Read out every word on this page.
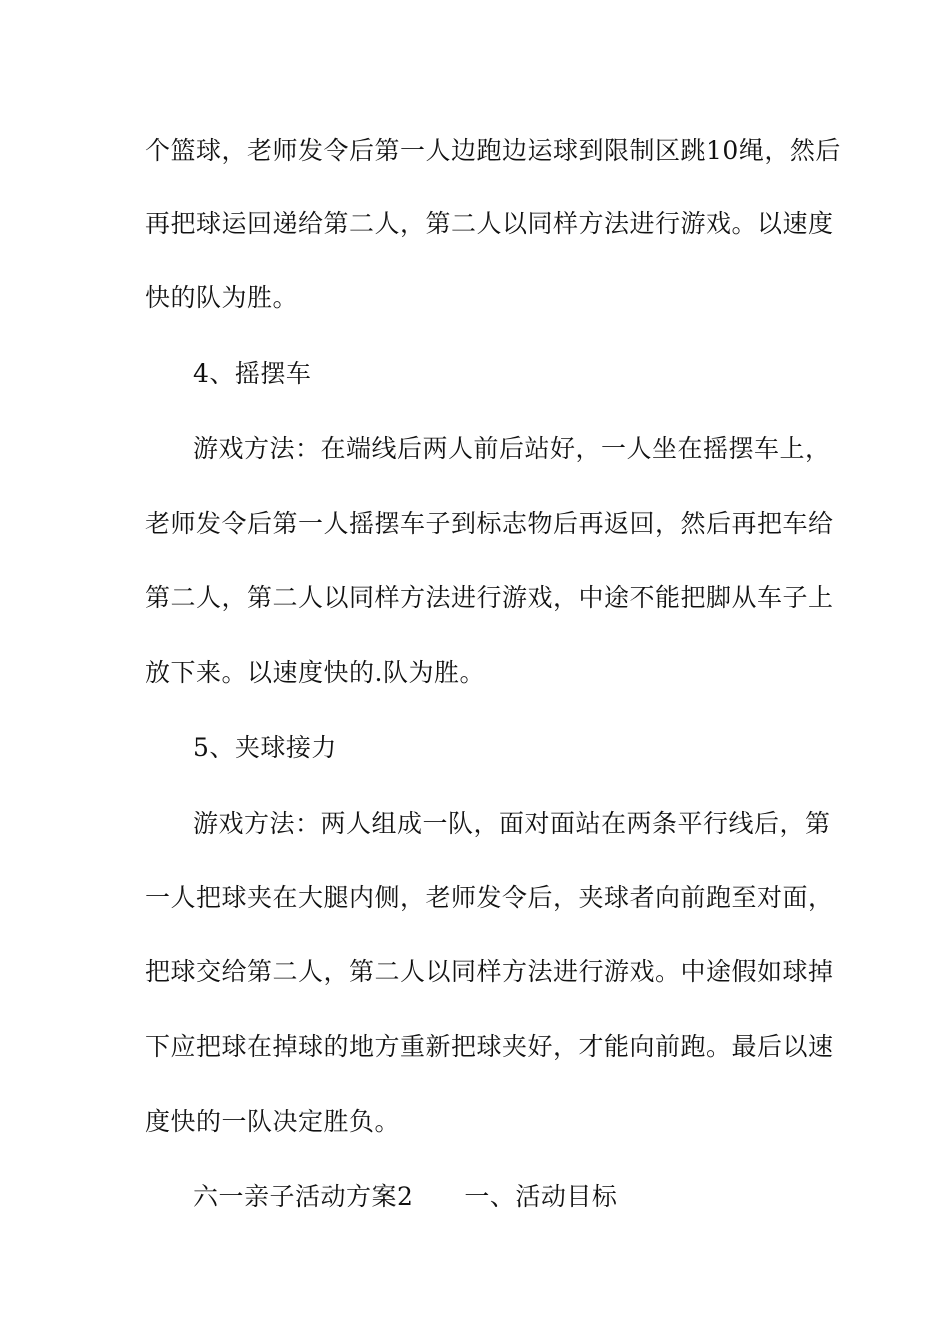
个篮球，老师发令后第一人边跑边运球到限制区跳10绳，然后
再把球运回递给第二人，第二人以同样方法进行游戏。以速度
快的队为胜。
4、摇摆车
游戏方法：在端线后两人前后站好，一人坐在摇摆车上，
老师发令后第一人摇摆车子到标志物后再返回，然后再把车给
第二人，第二人以同样方法进行游戏，中途不能把脚从车子上
放下来。以速度快的.队为胜。
5、夹球接力
游戏方法：两人组成一队，面对面站在两条平行线后，第
一人把球夹在大腿内侧，老师发令后，夹球者向前跑至对面，
把球交给第二人，第二人以同样方法进行游戏。中途假如球掉
下应把球在掉球的地方重新把球夹好，才能向前跑。最后以速
度快的一队决定胜负。
六一亲子活动方案2　　一、活动目标
